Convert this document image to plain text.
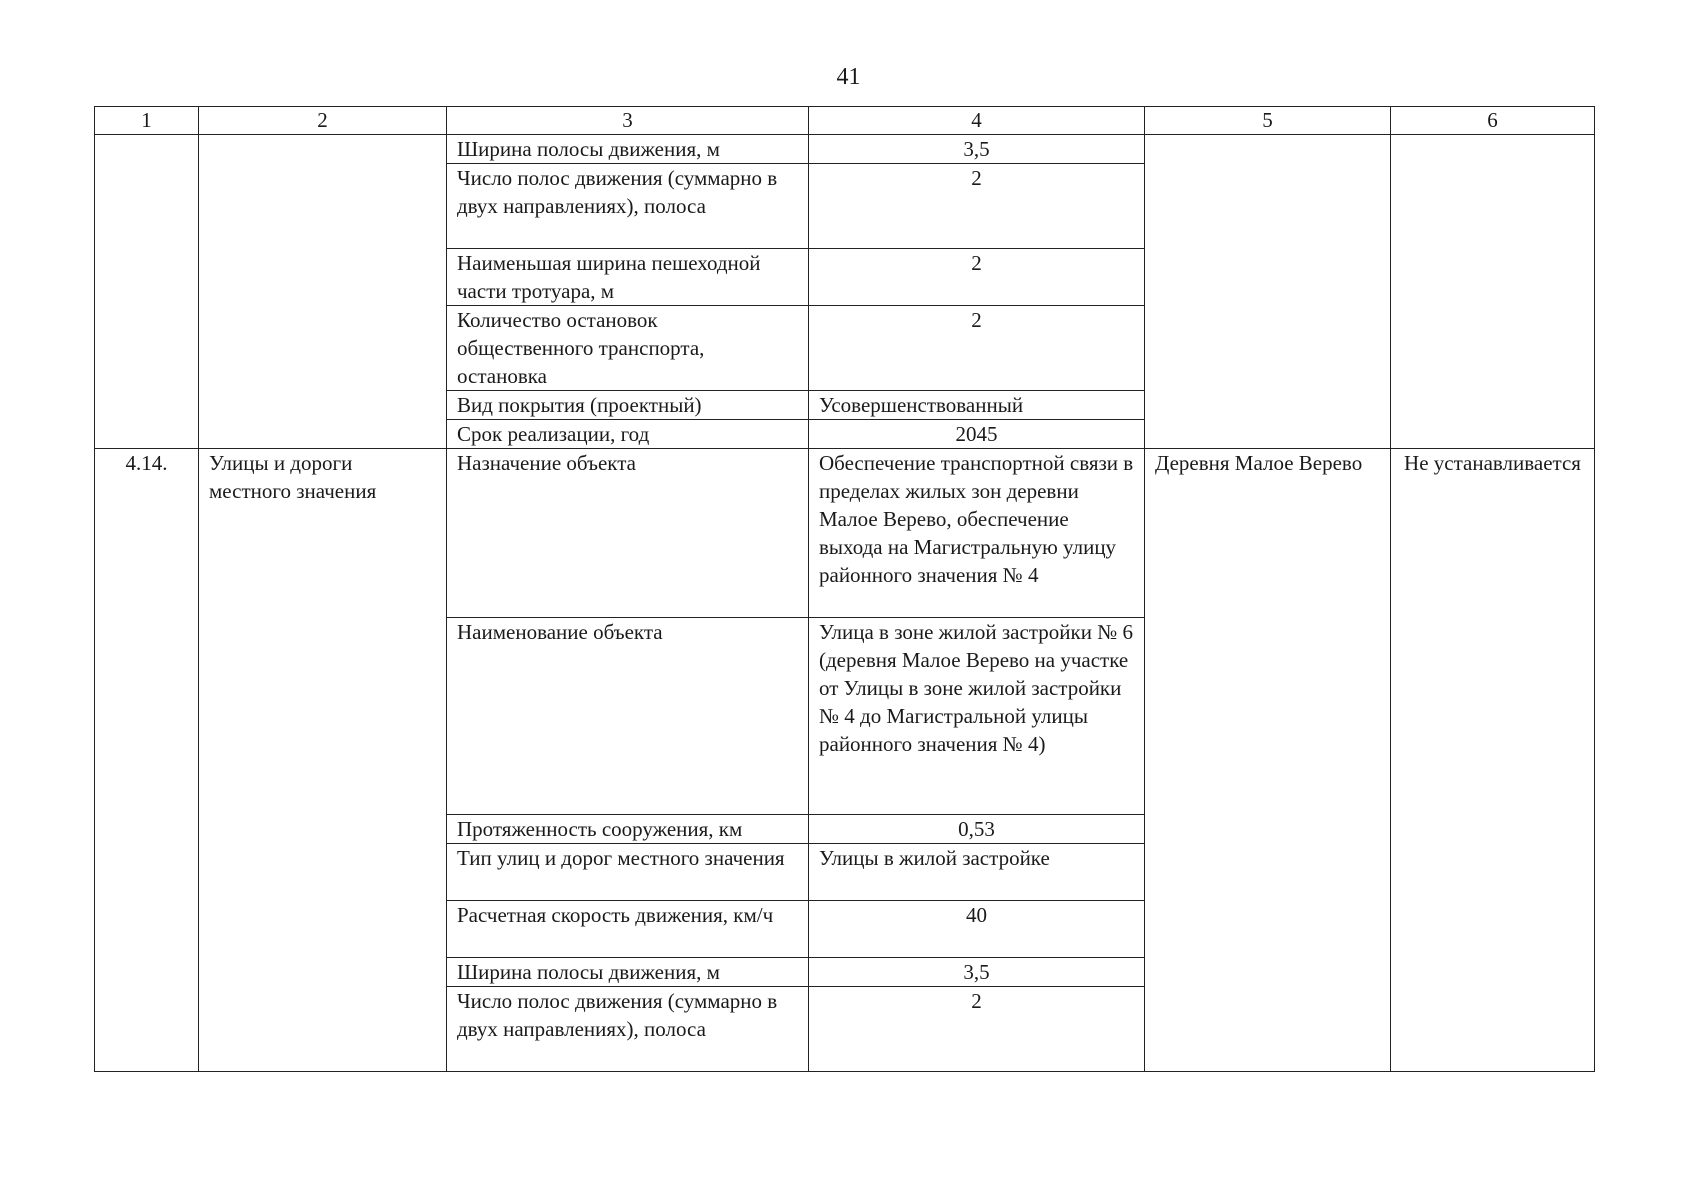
41
1	2	3	4	5	6
		Ширина полосы движения, м	3,5		
		Число полос движения (суммарно в двух направлениях), полоса	2		
		Наименьшая ширина пешеходной части тротуара, м	2		
		Количество остановок общественного транспорта, остановка	2		
		Вид покрытия (проектный)	Усовершенствованный		
		Срок реализации, год	2045		
4.14.	Улицы и дороги местного значения	Назначение объекта	Обеспечение транспортной связи в пределах жилых зон деревни Малое Верево, обеспечение выхода на Магистральную улицу районного значения № 4	Деревня Малое Верево	Не устанавливается
		Наименование объекта	Улица в зоне жилой застройки № 6 (деревня Малое Верево на участке от Улицы в зоне жилой застройки № 4 до Магистральной улицы районного значения № 4)		
		Протяженность сооружения, км	0,53		
		Тип улиц и дорог местного значения	Улицы в жилой застройке		
		Расчетная скорость движения, км/ч	40		
		Ширина полосы движения, м	3,5		
		Число полос движения (суммарно в двух направлениях), полоса	2		
